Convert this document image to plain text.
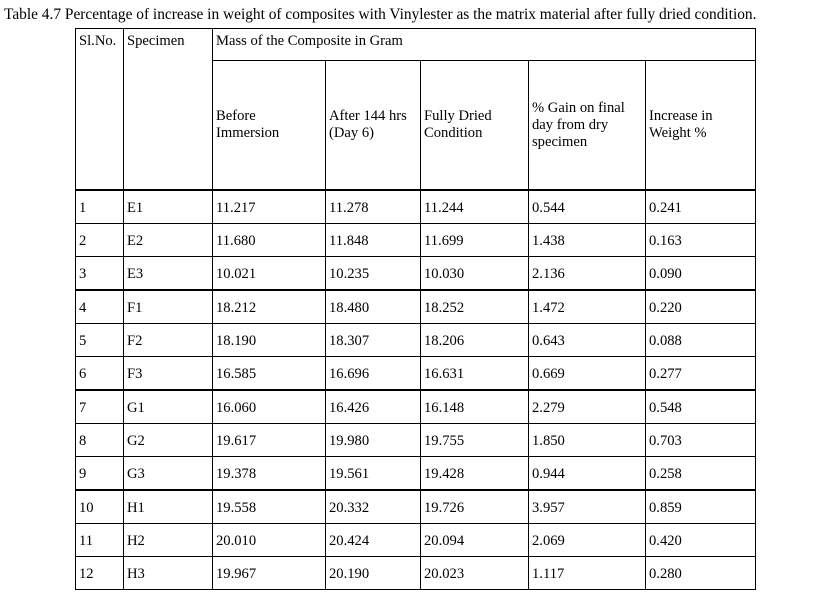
Table 4.7 Percentage of increase in weight of composites with Vinylester as the matrix material after fully dried condition.
Sl.No.	Specimen	Mass of the Composite in Gram				
		Before Immersion	After 144 hrs (Day 6)	Fully Dried Condition	% Gain on final day from dry specimen	Increase in Weight %
1	E1	11.217	11.278	11.244	0.544	0.241
2	E2	11.680	11.848	11.699	1.438	0.163
3	E3	10.021	10.235	10.030	2.136	0.090
4	F1	18.212	18.480	18.252	1.472	0.220
5	F2	18.190	18.307	18.206	0.643	0.088
6	F3	16.585	16.696	16.631	0.669	0.277
7	G1	16.060	16.426	16.148	2.279	0.548
8	G2	19.617	19.980	19.755	1.850	0.703
9	G3	19.378	19.561	19.428	0.944	0.258
10	H1	19.558	20.332	19.726	3.957	0.859
11	H2	20.010	20.424	20.094	2.069	0.420
12	H3	19.967	20.190	20.023	1.117	0.280
